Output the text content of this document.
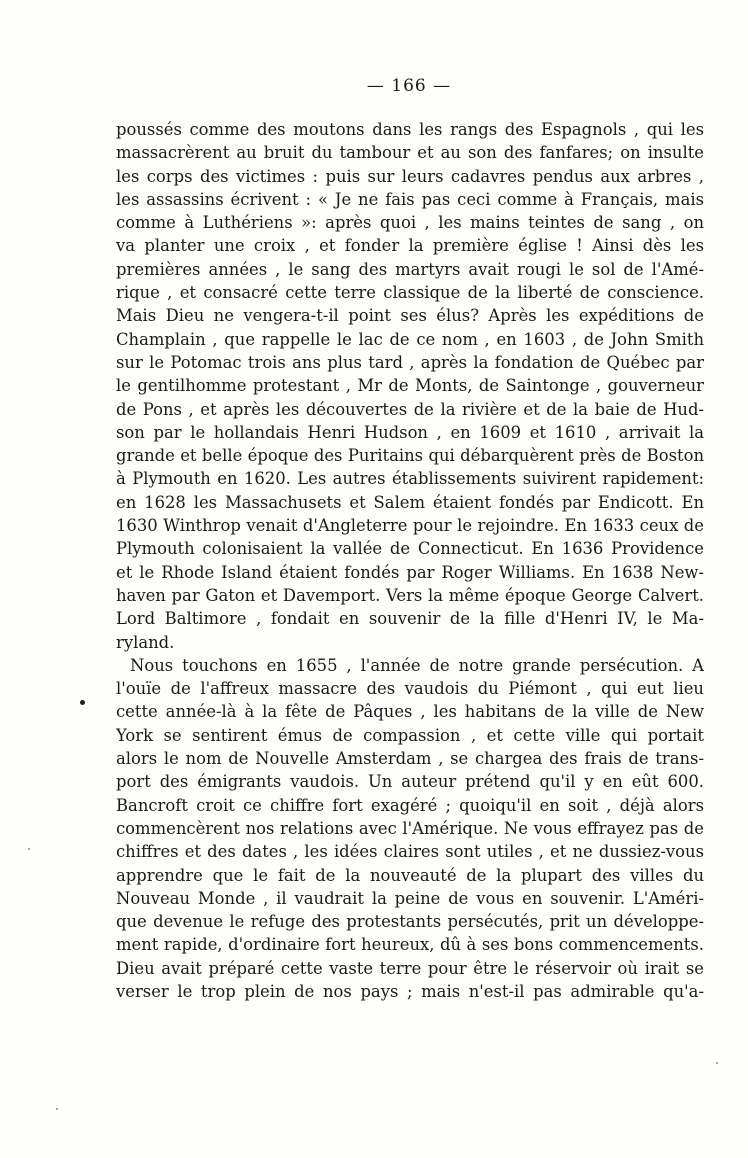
— 166 —
poussés comme des moutons dans les rangs des Espagnols , qui les
massacrèrent au bruit du tambour et au son des fanfares; on insulte
les corps des victimes : puis sur leurs cadavres pendus aux arbres ,
les assassins écrivent : « Je ne fais pas ceci comme à Français, mais
comme à Luthériens »: après quoi , les mains teintes de sang , on
va planter une croix , et fonder la première église ! Ainsi dès les
premières années , le sang des martyrs avait rougi le sol de l'Amé-
rique , et consacré cette terre classique de la liberté de conscience.
Mais Dieu ne vengera-t-il point ses élus? Après les expéditions de
Champlain , que rappelle le lac de ce nom , en 1603 , de John Smith
sur le Potomac trois ans plus tard , après la fondation de Québec par
le gentilhomme protestant , Mr de Monts, de Saintonge , gouverneur
de Pons , et après les découvertes de la rivière et de la baie de Hud-
son par le hollandais Henri Hudson , en 1609 et 1610 , arrivait la
grande et belle époque des Puritains qui débarquèrent près de Boston
à Plymouth en 1620. Les autres établissements suivirent rapidement:
en 1628 les Massachusets et Salem étaient fondés par Endicott. En
1630 Winthrop venait d'Angleterre pour le rejoindre. En 1633 ceux de
Plymouth colonisaient la vallée de Connecticut. En 1636 Providence
et le Rhode Island étaient fondés par Roger Williams. En 1638 New-
haven par Gaton et Davemport. Vers la même époque George Calvert.
Lord Baltimore , fondait en souvenir de la fille d'Henri IV, le Ma-
ryland.
Nous touchons en 1655 , l'année de notre grande persécution. A
l'ouïe de l'affreux massacre des vaudois du Piémont , qui eut lieu
cette année-là à la fête de Pâques , les habitans de la ville de New
York se sentirent émus de compassion , et cette ville qui portait
alors le nom de Nouvelle Amsterdam , se chargea des frais de trans-
port des émigrants vaudois. Un auteur prétend qu'il y en eût 600.
Bancroft croit ce chiffre fort exagéré ; quoiqu'il en soit , déjà alors
commencèrent nos relations avec l'Amérique. Ne vous effrayez pas de
chiffres et des dates , les idées claires sont utiles , et ne dussiez-vous
apprendre que le fait de la nouveauté de la plupart des villes du
Nouveau Monde , il vaudrait la peine de vous en souvenir. L'Améri-
que devenue le refuge des protestants persécutés, prit un développe-
ment rapide, d'ordinaire fort heureux, dû à ses bons commencements.
Dieu avait préparé cette vaste terre pour être le réservoir où irait se
verser le trop plein de nos pays ; mais n'est-il pas admirable qu'a-
